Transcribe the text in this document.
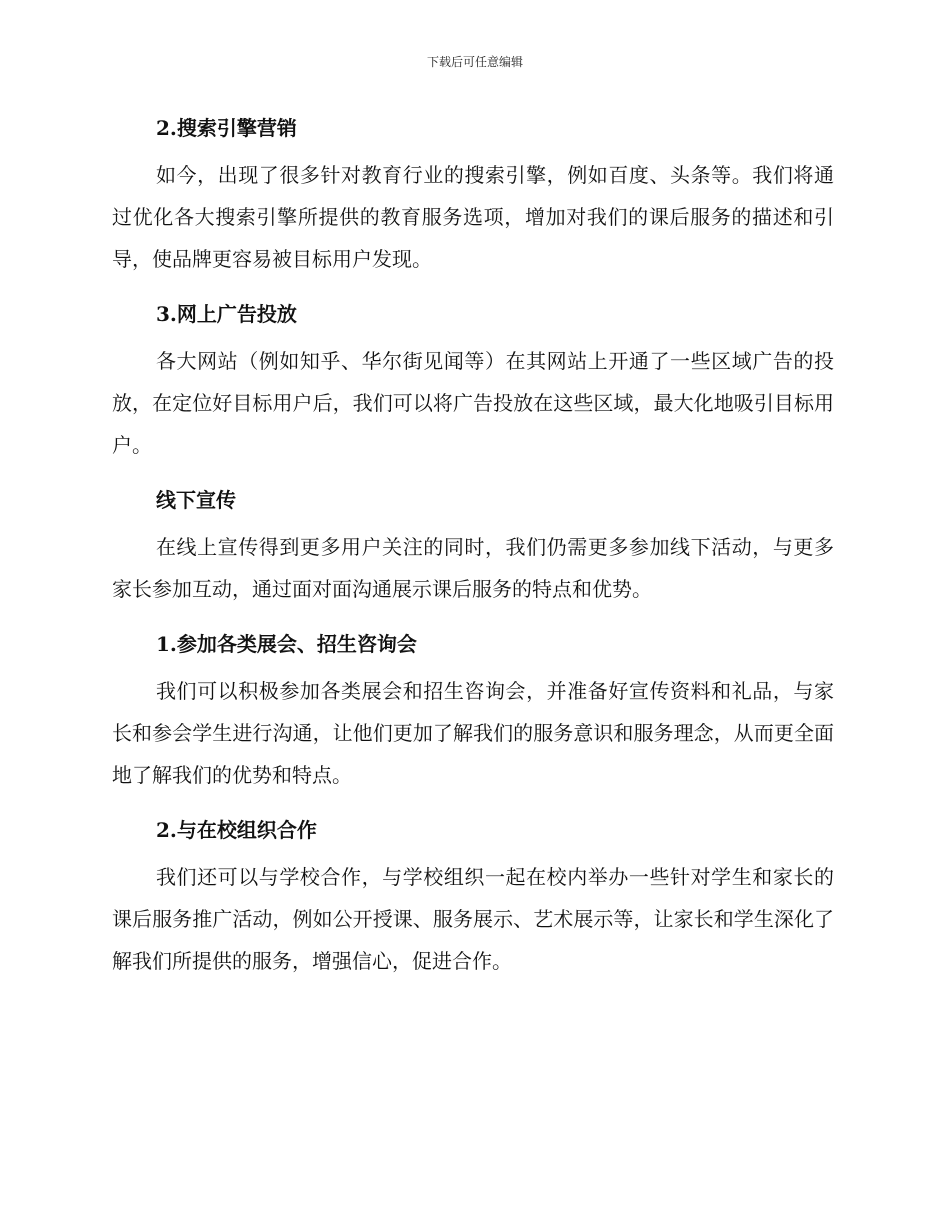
下载后可任意编辑
2.搜索引擎营销

如今，出现了很多针对教育行业的搜索引擎，例如百度、头条等。我们将通过优化各大搜索引擎所提供的教育服务选项，增加对我们的课后服务的描述和引导，使品牌更容易被目标用户发现。

3.网上广告投放

各大网站（例如知乎、华尔街见闻等）在其网站上开通了一些区域广告的投放，在定位好目标用户后，我们可以将广告投放在这些区域，最大化地吸引目标用户。

线下宣传

在线上宣传得到更多用户关注的同时，我们仍需更多参加线下活动，与更多家长参加互动，通过面对面沟通展示课后服务的特点和优势。

1.参加各类展会、招生咨询会

我们可以积极参加各类展会和招生咨询会，并准备好宣传资料和礼品，与家长和参会学生进行沟通，让他们更加了解我们的服务意识和服务理念，从而更全面地了解我们的优势和特点。

2.与在校组织合作

我们还可以与学校合作，与学校组织一起在校内举办一些针对学生和家长的课后服务推广活动，例如公开授课、服务展示、艺术展示等，让家长和学生深化了解我们所提供的服务，增强信心，促进合作。
